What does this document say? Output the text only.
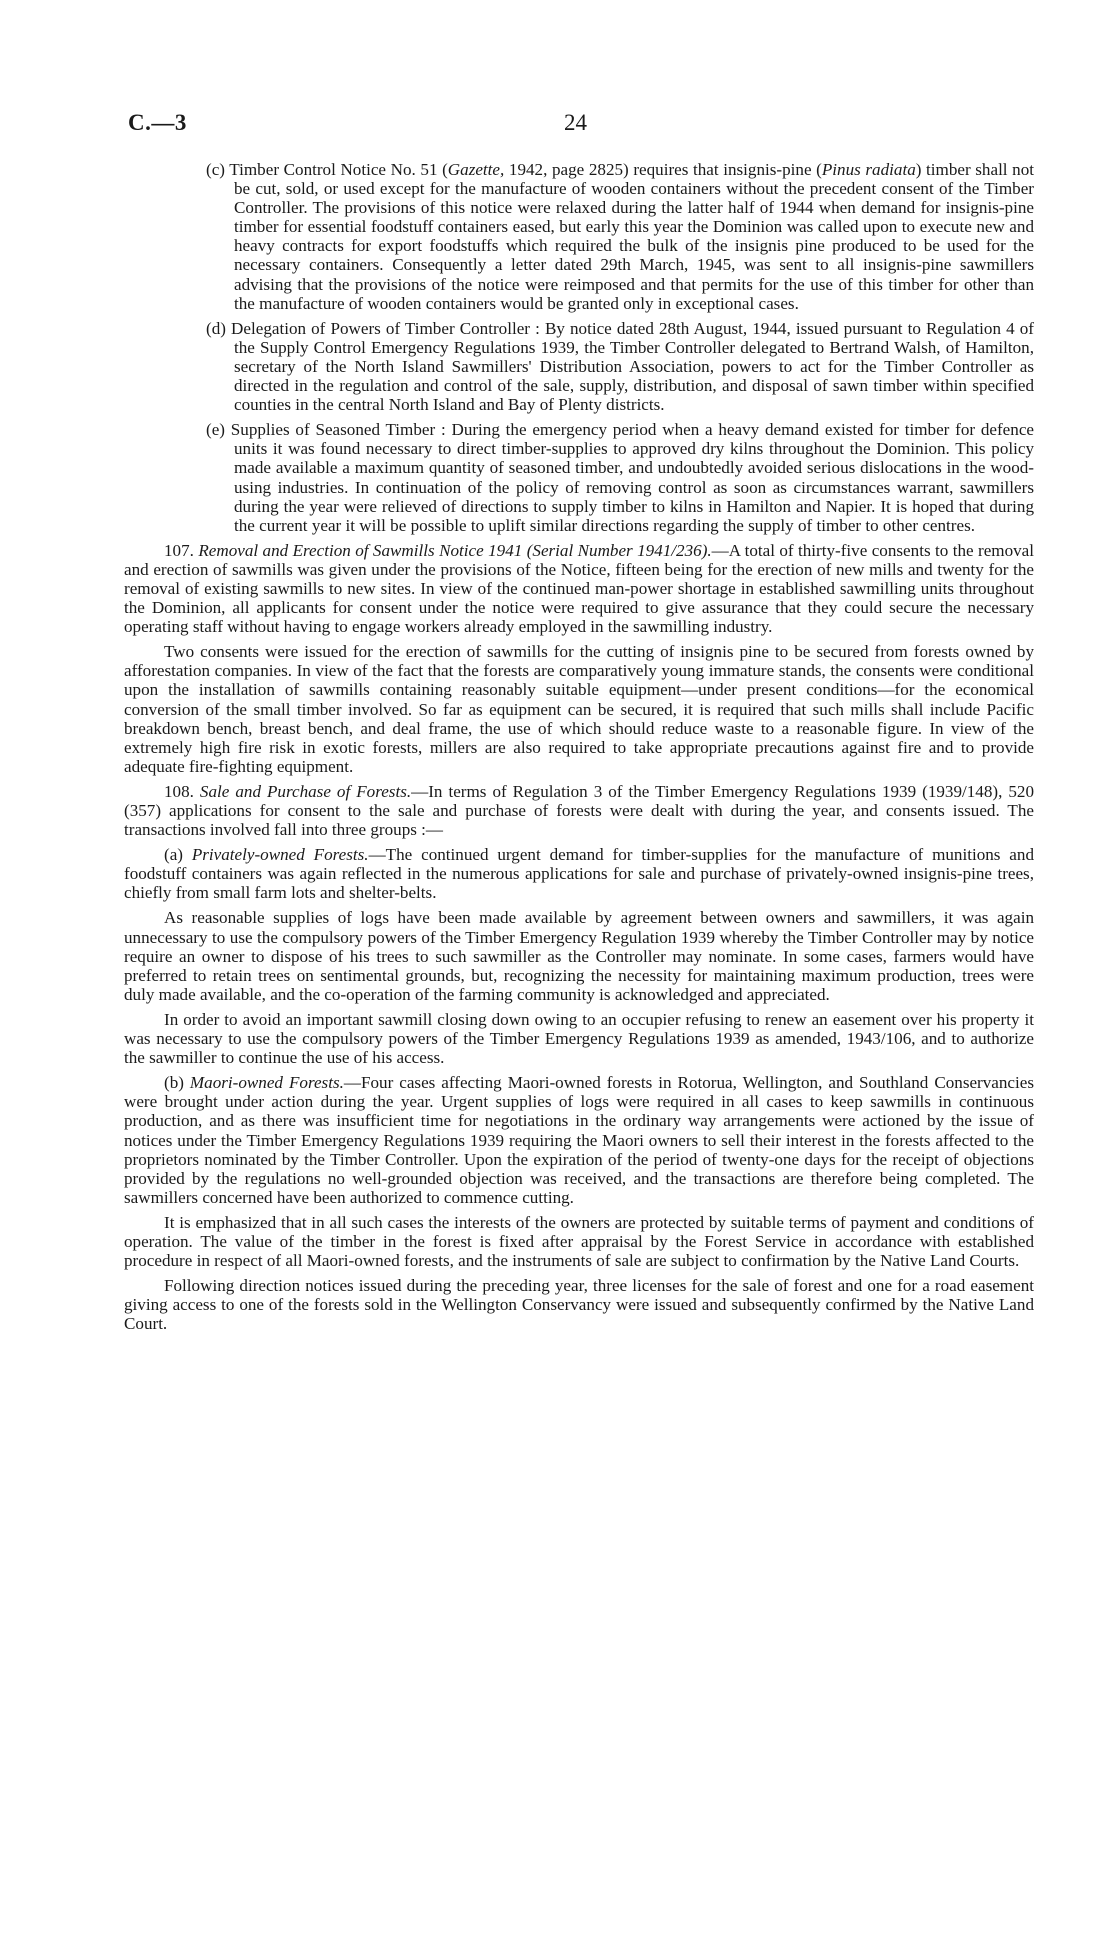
C.—3	24
(c) Timber Control Notice No. 51 (Gazette, 1942, page 2825) requires that insignis-pine (Pinus radiata) timber shall not be cut, sold, or used except for the manufacture of wooden containers without the precedent consent of the Timber Controller. The provisions of this notice were relaxed during the latter half of 1944 when demand for insignis-pine timber for essential foodstuff containers eased, but early this year the Dominion was called upon to execute new and heavy contracts for export foodstuffs which required the bulk of the insignis pine produced to be used for the necessary containers. Consequently a letter dated 29th March, 1945, was sent to all insignis-pine sawmillers advising that the provisions of the notice were reimposed and that permits for the use of this timber for other than the manufacture of wooden containers would be granted only in exceptional cases.
(d) Delegation of Powers of Timber Controller : By notice dated 28th August, 1944, issued pursuant to Regulation 4 of the Supply Control Emergency Regulations 1939, the Timber Controller delegated to Bertrand Walsh, of Hamilton, secretary of the North Island Sawmillers' Distribution Association, powers to act for the Timber Controller as directed in the regulation and control of the sale, supply, distribution, and disposal of sawn timber within specified counties in the central North Island and Bay of Plenty districts.
(e) Supplies of Seasoned Timber : During the emergency period when a heavy demand existed for timber for defence units it was found necessary to direct timber-supplies to approved dry kilns throughout the Dominion. This policy made available a maximum quantity of seasoned timber, and undoubtedly avoided serious dislocations in the wood-using industries. In continuation of the policy of removing control as soon as circumstances warrant, sawmillers during the year were relieved of directions to supply timber to kilns in Hamilton and Napier. It is hoped that during the current year it will be possible to uplift similar directions regarding the supply of timber to other centres.

107. Removal and Erection of Sawmills Notice 1941 (Serial Number 1941/236).—A total of thirty-five consents to the removal and erection of sawmills was given under the provisions of the Notice, fifteen being for the erection of new mills and twenty for the removal of existing sawmills to new sites. In view of the continued man-power shortage in established sawmilling units throughout the Dominion, all applicants for consent under the notice were required to give assurance that they could secure the necessary operating staff without having to engage workers already employed in the sawmilling industry.

Two consents were issued for the erection of sawmills for the cutting of insignis pine to be secured from forests owned by afforestation companies. In view of the fact that the forests are comparatively young immature stands, the consents were conditional upon the installation of sawmills containing reasonably suitable equipment—under present conditions—for the economical conversion of the small timber involved. So far as equipment can be secured, it is required that such mills shall include Pacific breakdown bench, breast bench, and deal frame, the use of which should reduce waste to a reasonable figure. In view of the extremely high fire risk in exotic forests, millers are also required to take appropriate precautions against fire and to provide adequate fire-fighting equipment.

108. Sale and Purchase of Forests.—In terms of Regulation 3 of the Timber Emergency Regulations 1939 (1939/148), 520 (357) applications for consent to the sale and purchase of forests were dealt with during the year, and consents issued. The transactions involved fall into three groups :—

(a) Privately-owned Forests.—The continued urgent demand for timber-supplies for the manufacture of munitions and foodstuff containers was again reflected in the numerous applications for sale and purchase of privately-owned insignis-pine trees, chiefly from small farm lots and shelter-belts.

As reasonable supplies of logs have been made available by agreement between owners and sawmillers, it was again unnecessary to use the compulsory powers of the Timber Emergency Regulation 1939 whereby the Timber Controller may by notice require an owner to dispose of his trees to such sawmiller as the Controller may nominate. In some cases, farmers would have preferred to retain trees on sentimental grounds, but, recognizing the necessity for maintaining maximum production, trees were duly made available, and the co-operation of the farming community is acknowledged and appreciated.

In order to avoid an important sawmill closing down owing to an occupier refusing to renew an easement over his property it was necessary to use the compulsory powers of the Timber Emergency Regulations 1939 as amended, 1943/106, and to authorize the sawmiller to continue the use of his access.

(b) Maori-owned Forests.—Four cases affecting Maori-owned forests in Rotorua, Wellington, and Southland Conservancies were brought under action during the year. Urgent supplies of logs were required in all cases to keep sawmills in continuous production, and as there was insufficient time for negotiations in the ordinary way arrangements were actioned by the issue of notices under the Timber Emergency Regulations 1939 requiring the Maori owners to sell their interest in the forests affected to the proprietors nominated by the Timber Controller. Upon the expiration of the period of twenty-one days for the receipt of objections provided by the regulations no well-grounded objection was received, and the transactions are therefore being completed. The sawmillers concerned have been authorized to commence cutting.

It is emphasized that in all such cases the interests of the owners are protected by suitable terms of payment and conditions of operation. The value of the timber in the forest is fixed after appraisal by the Forest Service in accordance with established procedure in respect of all Maori-owned forests, and the instruments of sale are subject to confirmation by the Native Land Courts.

Following direction notices issued during the preceding year, three licenses for the sale of forest and one for a road easement giving access to one of the forests sold in the Wellington Conservancy were issued and subsequently confirmed by the Native Land Court.
